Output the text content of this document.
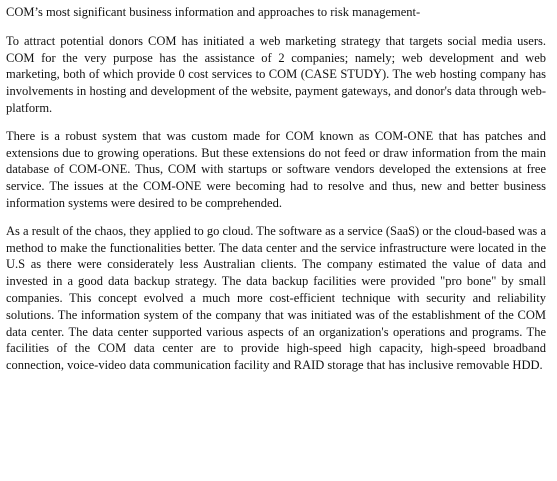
COM’s most significant business information and approaches to risk management-

To attract potential donors COM has initiated a web marketing strategy that targets social media users. COM for the very purpose has the assistance of 2 companies; namely; web development and web marketing, both of which provide 0 cost services to COM (CASE STUDY). The web hosting company has involvements in hosting and development of the website, payment gateways, and donor's data through web-platform.

There is a robust system that was custom made for COM known as COM-ONE that has patches and extensions due to growing operations. But these extensions do not feed or draw information from the main database of COM-ONE. Thus, COM with startups or software vendors developed the extensions at free service. The issues at the COM-ONE were becoming had to resolve and thus, new and better business information systems were desired to be comprehended.

As a result of the chaos, they applied to go cloud. The software as a service (SaaS) or the cloud-based was a method to make the functionalities better. The data center and the service infrastructure were located in the U.S as there were considerately less Australian clients. The company estimated the value of data and invested in a good data backup strategy. The data backup facilities were provided "pro bone" by small companies. This concept evolved a much more cost-efficient technique with security and reliability solutions. The information system of the company that was initiated was of the establishment of the COM data center. The data center supported various aspects of an organization's operations and programs. The facilities of the COM data center are to provide high-speed high capacity, high-speed broadband connection, voice-video data communication facility and RAID storage that has inclusive removable HDD.
